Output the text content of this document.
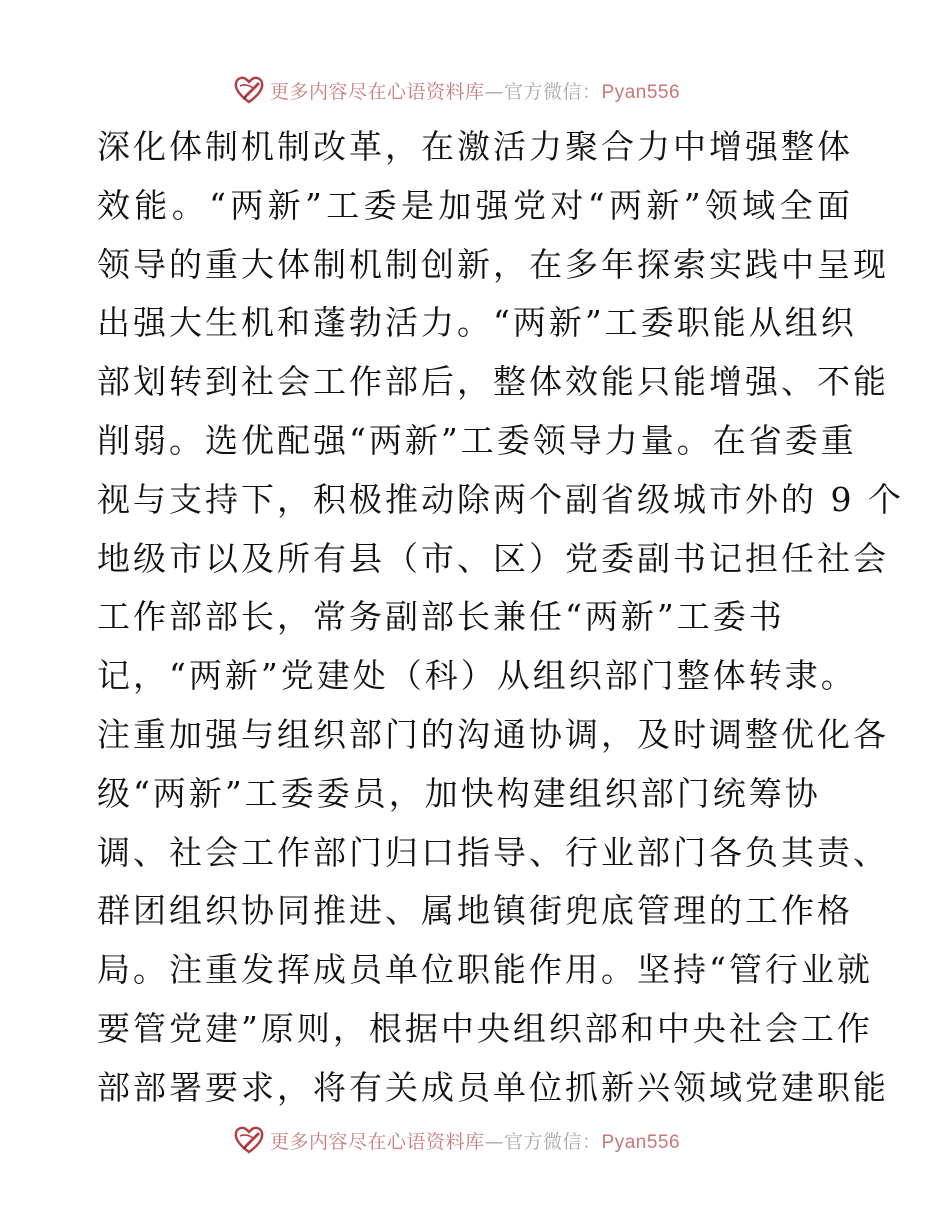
更多内容尽在心语资料库—官方微信：Pyan556
深化体制机制改革，在激活力聚合力中增强整体
效能。“两新”工委是加强党对“两新”领域全面
领导的重大体制机制创新，在多年探索实践中呈现
出强大生机和蓬勃活力。“两新”工委职能从组织
部划转到社会工作部后，整体效能只能增强、不能
削弱。选优配强“两新”工委领导力量。在省委重
视与支持下，积极推动除两个副省级城市外的 9 个
地级市以及所有县（市、区）党委副书记担任社会
工作部部长，常务副部长兼任“两新”工委书
记，“两新”党建处（科）从组织部门整体转隶。
注重加强与组织部门的沟通协调，及时调整优化各
级“两新”工委委员，加快构建组织部门统筹协
调、社会工作部门归口指导、行业部门各负其责、
群团组织协同推进、属地镇街兜底管理的工作格
局。注重发挥成员单位职能作用。坚持“管行业就
要管党建”原则，根据中央组织部和中央社会工作
部部署要求，将有关成员单位抓新兴领域党建职能
更多内容尽在心语资料库—官方微信：Pyan556
